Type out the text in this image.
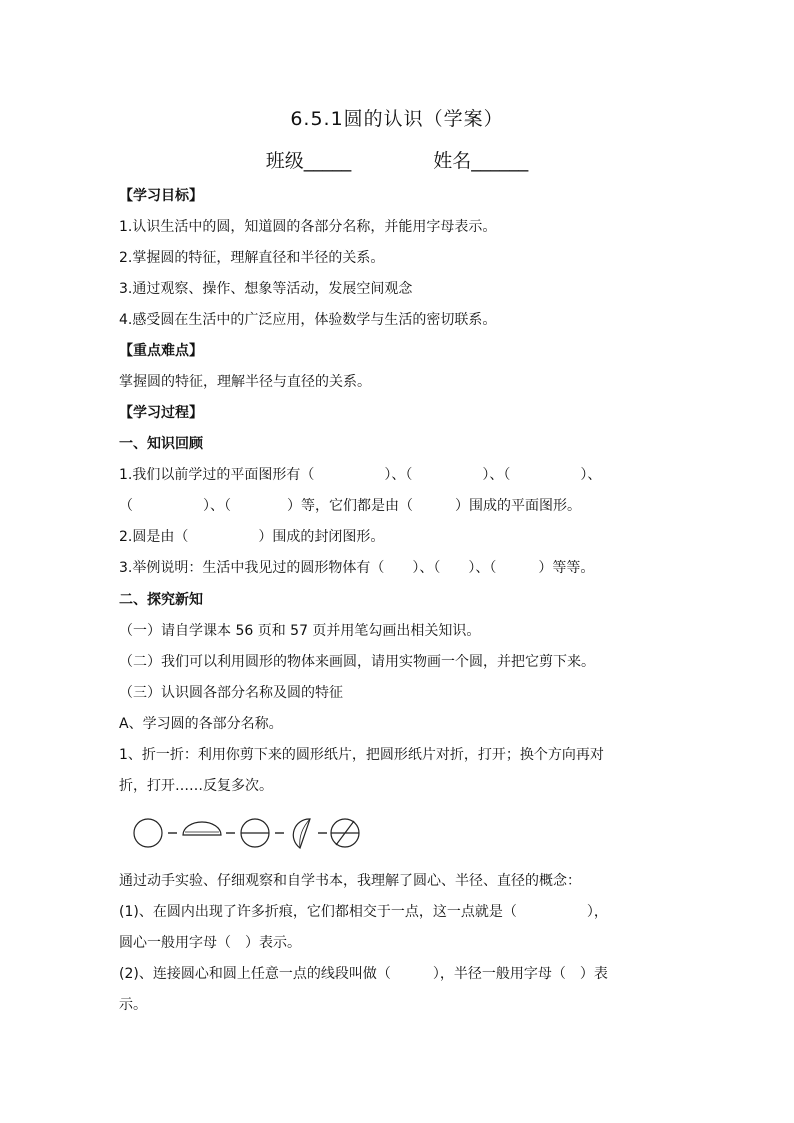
6.5.1圆的认识（学案）
班级_____	姓名______
【学习目标】
1.认识生活中的圆，知道圆的各部分名称，并能用字母表示。
2.掌握圆的特征，理解直径和半径的关系。
3.通过观察、操作、想象等活动，发展空间观念
4.感受圆在生活中的广泛应用，体验数学与生活的密切联系。
【重点难点】
掌握圆的特征，理解半径与直径的关系。
【学习过程】
一、知识回顾
1.我们以前学过的平面图形有（　　　　　）、（　　　　　）、（　　　　　）、
（　　　　　）、（　　　　）等，它们都是由（　　　）围成的平面图形。
2.圆是由（　　　　　）围成的封闭图形。
3.举例说明：生活中我见过的圆形物体有（　　）、（　　）、（　　　）等等。
二、探究新知
（一）请自学课本 56 页和 57 页并用笔勾画出相关知识。
（二）我们可以利用圆形的物体来画圆，请用实物画一个圆，并把它剪下来。
（三）认识圆各部分名称及圆的特征
A、学习圆的各部分名称。
1、折一折：利用你剪下来的圆形纸片，把圆形纸片对折，打开；换个方向再对
折，打开……反复多次。
通过动手实验、仔细观察和自学书本，我理解了圆心、半径、直径的概念：
(1)、在圆内出现了许多折痕，它们都相交于一点，这一点就是（　　　　　），
圆心一般用字母（　）表示。
(2)、连接圆心和圆上任意一点的线段叫做（　　　），半径一般用字母（　）表
示。
